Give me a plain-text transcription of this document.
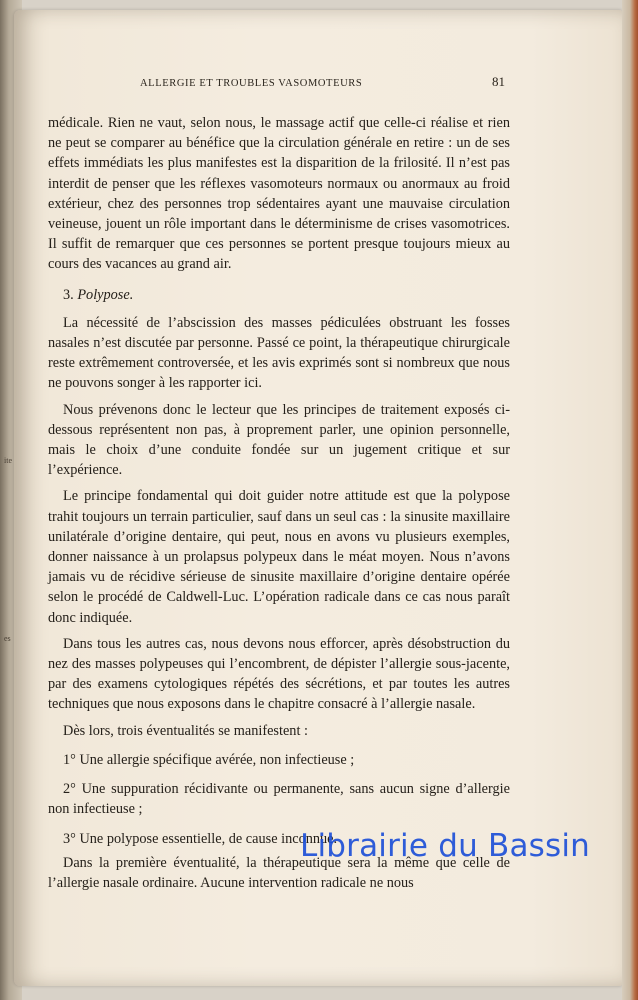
ite
es
ALLERGIE ET TROUBLES VASOMOTEURS	81

médicale. Rien ne vaut, selon nous, le massage actif que celle-ci réalise et rien ne peut se comparer au bénéfice que la circulation générale en retire : un de ses effets immédiats les plus manifestes est la disparition de la frilosité. Il n’est pas interdit de penser que les réflexes vasomoteurs normaux ou anormaux au froid extérieur, chez des personnes trop sédentaires ayant une mauvaise circulation veineuse, jouent un rôle important dans le déterminisme de crises vasomotrices. Il suffit de remarquer que ces personnes se portent presque toujours mieux au cours des vacances au grand air.

3. Polypose.

La nécessité de l’abscission des masses pédiculées obstruant les fosses nasales n’est discutée par personne. Passé ce point, la thérapeutique chirurgicale reste extrêmement controversée, et les avis exprimés sont si nombreux que nous ne pouvons songer à les rapporter ici.

Nous prévenons donc le lecteur que les principes de traitement exposés ci-dessous représentent non pas, à proprement parler, une opinion personnelle, mais le choix d’une conduite fondée sur un jugement critique et sur l’expérience.

Le principe fondamental qui doit guider notre attitude est que la polypose trahit toujours un terrain particulier, sauf dans un seul cas : la sinusite maxillaire unilatérale d’origine dentaire, qui peut, nous en avons vu plusieurs exemples, donner naissance à un prolapsus polypeux dans le méat moyen. Nous n’avons jamais vu de récidive sérieuse de sinusite maxillaire d’origine dentaire opérée selon le procédé de Caldwell-Luc. L’opération radicale dans ce cas nous paraît donc indiquée.

Dans tous les autres cas, nous devons nous efforcer, après désobstruction du nez des masses polypeuses qui l’encombrent, de dépister l’allergie sous-jacente, par des examens cytologiques répétés des sécrétions, et par toutes les autres techniques que nous exposons dans le chapitre consacré à l’allergie nasale.

Dès lors, trois éventualités se manifestent :

1° Une allergie spécifique avérée, non infectieuse ;

2° Une suppuration récidivante ou permanente, sans aucun signe d’allergie non infectieuse ;

3° Une polypose essentielle, de cause inconnue.

Dans la première éventualité, la thérapeutique sera la même que celle de l’allergie nasale ordinaire. Aucune intervention radicale ne nous

Librairie du Bassin
